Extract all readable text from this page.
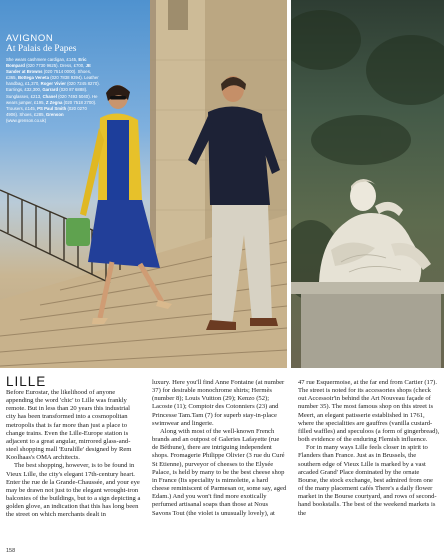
AVIGNON
At Palais de Papes
She wears cashmere cardigan, £145, Eric Bompard (020 7730 9625). Dress, £700, JE Sander at Browns (020 7514 0000). Shoes, £365, Bottega Veneta (020 7838 9394). Leather handbag, £1,370, Roger Vivier (020 7245 8270). Earrings, £32,300, Garrard (020 87 6888). Sunglasses, £213, Chanel (020 7493 5040). He wears jumper, £195, Z Zegna (020 7518 2700). Trousers, £145, PS Paul Smith (020 0270 4906). Shoes, £285, Grenson (www.grenson.co.uk)
LILLE

Before Eurostar, the likelihood of anyone appending the word 'chic' to Lille was frankly remote. But in less than 20 years this industrial city has been transformed into a cosmopolitan metropolis that is far more than just a place to change trains. Even the Lille-Europe station is adjacent to a great angular, mirrored glass-and-steel shopping mall 'Euralille' designed by Rem Koolhaas's OMA architects.

The best shopping, however, is to be found in Vieux Lille, the city's elegant 17th-century heart. Enter the rue de la Grande-Chaussée, and your eye may be drawn not just to the elegant wrought-iron balconies of the buildings, but to a sign depicting a golden glove, an indication that this has long been the street on which merchants dealt in

luxury. Here you'll find Anne Fontaine (at number 37) for desirable monochrome shirts; Hermès (number 8); Louis Vuitton (29); Kenzo (52); Lacoste (11); Comptoir des Cotonniers (23) and Princesse Tam.Tam (7) for superb stay-in-place swimwear and lingerie.

Along with most of the well-known French brands and an outpost of Galeries Lafayette (rue de Béthune), there are intriguing independent shops. Fromagerie Philippe Olivier (3 rue du Curé St Etienne), purveyor of cheeses to the Elysée Palace, is held by many to be the best cheese shop in France (Its speciality is mimolette, a hard cheese reminiscent of Parmesan or, some say, aged Edam.) And you won't find more exotically perfumed artisanal soaps than those at Nous Savons Tout (the violet is unusually lovely), at

47 rue Esquermoise, at the far end from Cartier (17). The street is noted for its accessories shops (check out Accessoir'in behind the Art Nouveau façade of number 35). The most famous shop on this street is Meert, an elegant patisserie established in 1761, where the specialities are gauffres (vanilla custard-filled waffles) and speculoos (a form of gingerbread), both evidence of the enduring Flemish influence.

For in many ways Lille feels closer in spirit to Flanders than France. Just as in Brussels, the southern edge of Vieux Lille is marked by a vast arcaded Grand' Place dominated by the ornate Bourse, the stock exchange, best admired from one of the many placement cafés There's a daily flower market in the Bourse courtyard, and rows of second-hand bookstalls. The best of the weekend markets is the

158
